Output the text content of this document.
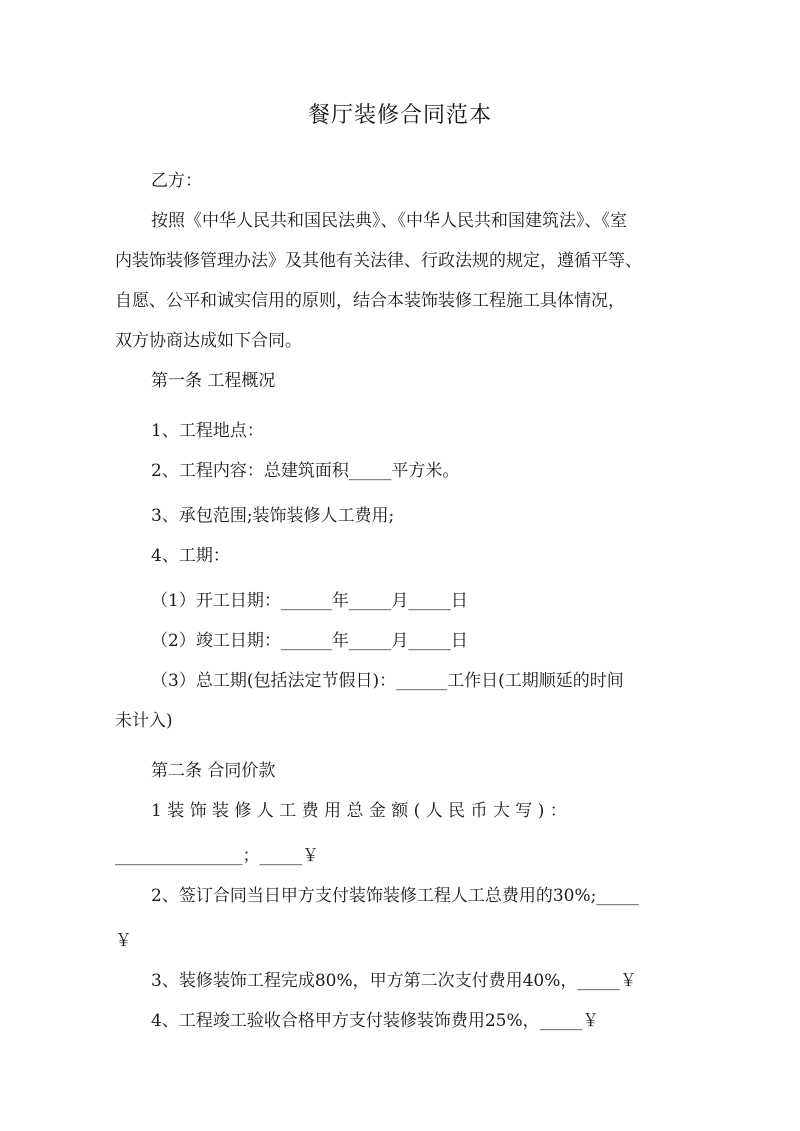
餐厅装修合同范本
乙方：
按照《中华人民共和国民法典》、《中华人民共和国建筑法》、《室
内装饰装修管理办法》及其他有关法律、行政法规的规定，遵循平等、
自愿、公平和诚实信用的原则，结合本装饰装修工程施工具体情况，
双方协商达成如下合同。
第一条 工程概况
1、工程地点：
2、工程内容：总建筑面积_____平方米。
3、承包范围;装饰装修人工费用;
4、工期：
（1）开工日期：______年_____月_____日
（2）竣工日期：______年_____月_____日
（3）总工期(包括法定节假日)：______工作日(工期顺延的时间
未计入)
第二条 合同价款
1 装 饰 装 修 人 工 费 用 总 金 额 ( 人 民 币 大 写 ) ：
_______________；_____￥
2、签订合同当日甲方支付装饰装修工程人工总费用的30%;_____
￥
3、装修装饰工程完成80%，甲方第二次支付费用40%，_____￥
4、工程竣工验收合格甲方支付装修装饰费用25%，_____￥
